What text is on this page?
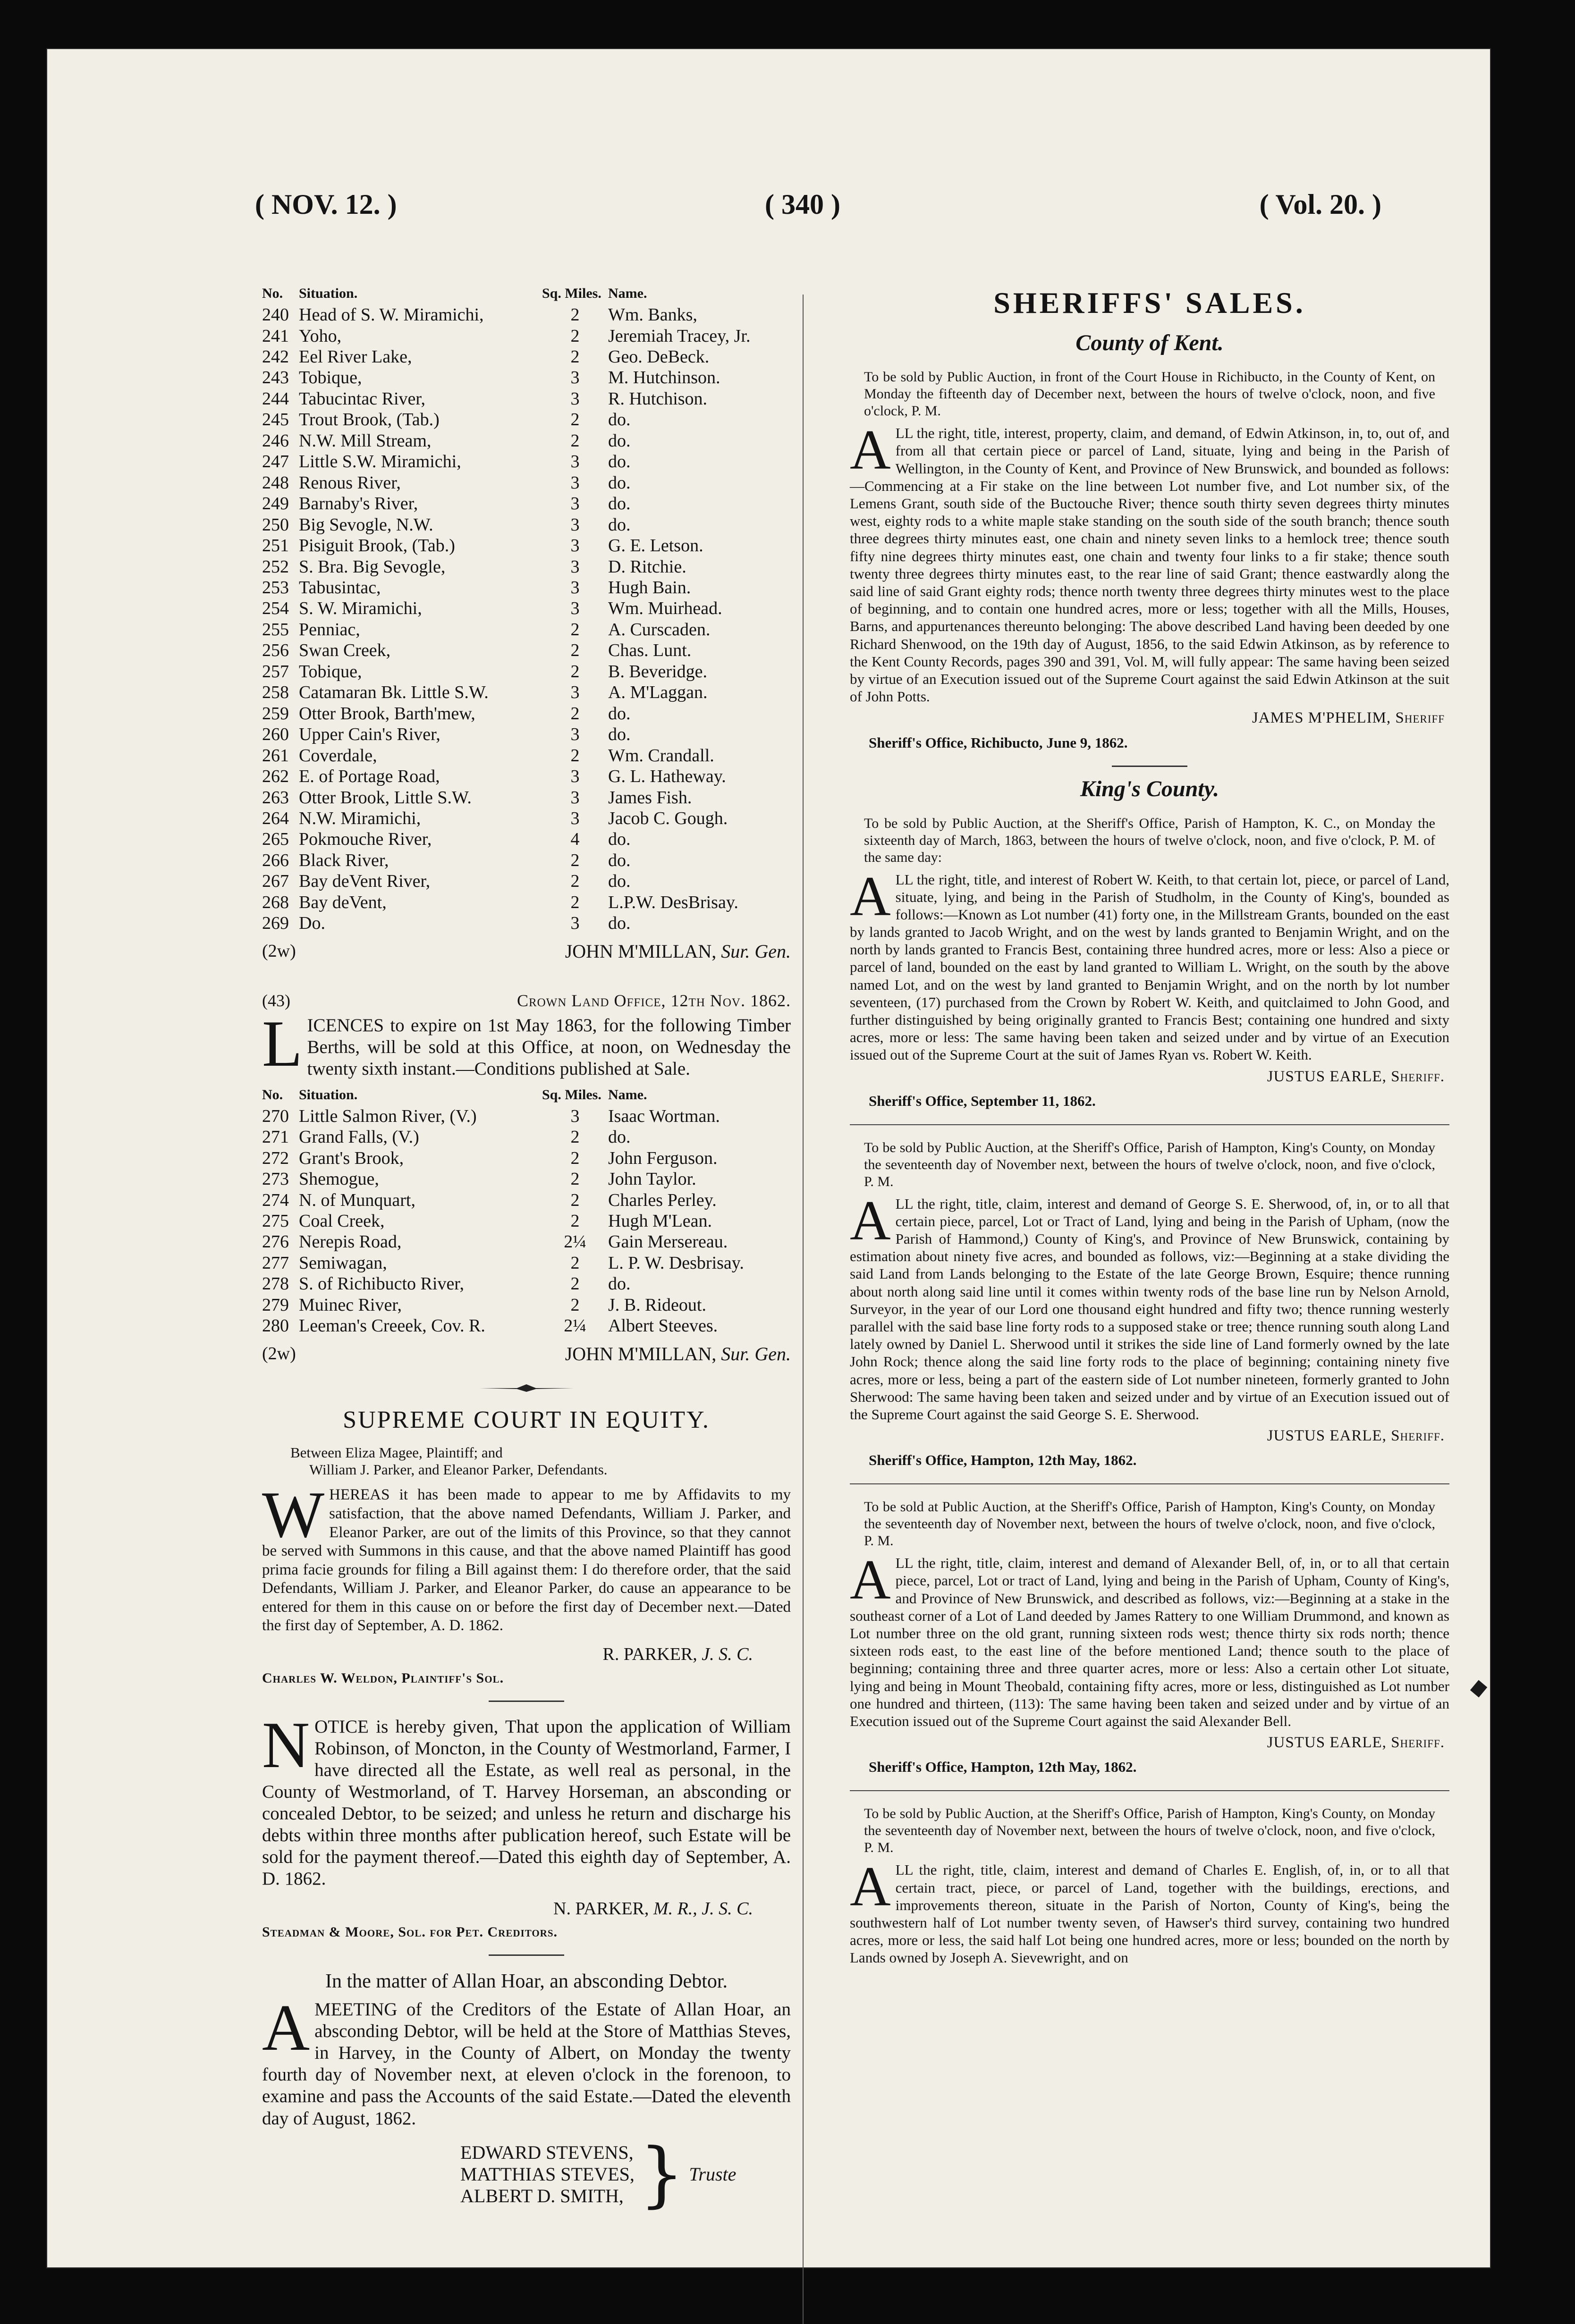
( NOV. 12. )	( 340 )	( Vol. 20. )
No.	Situation.	Sq. Miles.	Name.
240	Head of S. W. Miramichi,	2	Wm. Banks,
241	Yoho,	2	Jeremiah Tracey, Jr.
242	Eel River Lake,	2	Geo. DeBeck.
243	Tobique,	3	M. Hutchinson.
244	Tabucintac River,	3	R. Hutchison.
245	Trout Brook, (Tab.)	2	do.
246	N.W. Mill Stream,	2	do.
247	Little S.W. Miramichi,	3	do.
248	Renous River,	3	do.
249	Barnaby's River,	3	do.
250	Big Sevogle, N.W.	3	do.
251	Pisiguit Brook, (Tab.)	3	G. E. Letson.
252	S. Bra. Big Sevogle,	3	D. Ritchie.
253	Tabusintac,	3	Hugh Bain.
254	S. W. Miramichi,	3	Wm. Muirhead.
255	Penniac,	2	A. Curscaden.
256	Swan Creek,	2	Chas. Lunt.
257	Tobique,	2	B. Beveridge.
258	Catamaran Bk. Little S.W.	3	A. M'Laggan.
259	Otter Brook, Barth'mew,	2	do.
260	Upper Cain's River,	3	do.
261	Coverdale,	2	Wm. Crandall.
262	E. of Portage Road,	3	G. L. Hatheway.
263	Otter Brook, Little S.W.	3	James Fish.
264	N.W. Miramichi,	3	Jacob C. Gough.
265	Pokmouche River,	4	do.
266	Black River,	2	do.
267	Bay deVent River,	2	do.
268	Bay deVent,	2	L.P.W. DesBrisay.
269	Do.	3	do.
(2w)	JOHN M'MILLAN, Sur. Gen.
(43)	Crown Land Office, 12th Nov. 1862.
LICENCES to expire on 1st May 1863, for the following Timber Berths, will be sold at this Office, at noon, on Wednesday the twenty sixth instant.—Conditions published at Sale.
No.	Situation.	Sq. Miles.	Name.
270	Little Salmon River, (V.)	3	Isaac Wortman.
271	Grand Falls, (V.)	2	do.
272	Grant's Brook,	2	John Ferguson.
273	Shemogue,	2	John Taylor.
274	N. of Munquart,	2	Charles Perley.
275	Coal Creek,	2	Hugh M'Lean.
276	Nerepis Road,	2¼	Gain Mersereau.
277	Semiwagan,	2	L. P. W. Desbrisay.
278	S. of Richibucto River,	2	do.
279	Muinec River,	2	J. B. Rideout.
280	Leeman's Creeek, Cov. R.	2¼	Albert Steeves.
(2w)	JOHN M'MILLAN, Sur. Gen.
SUPREME COURT IN EQUITY.
Between Eliza Magee, Plaintiff; and
William J. Parker, and Eleanor Parker, Defendants.
WHEREAS it has been made to appear to me by Affidavits to my satisfaction, that the above named Defendants, William J. Parker, and Eleanor Parker, are out of the limits of this Province, so that they cannot be served with Summons in this cause, and that the above named Plaintiff has good prima facie grounds for filing a Bill against them: I do therefore order, that the said Defendants, William J. Parker, and Eleanor Parker, do cause an appearance to be entered for them in this cause on or before the first day of December next.—Dated the first day of September, A. D. 1862.
R. PARKER, J. S. C.
Charles W. Weldon, Plaintiff's Sol.
NOTICE is hereby given, That upon the application of William Robinson, of Moncton, in the County of Westmorland, Farmer, I have directed all the Estate, as well real as personal, in the County of Westmorland, of T. Harvey Horseman, an absconding or concealed Debtor, to be seized; and unless he return and discharge his debts within three months after publication hereof, such Estate will be sold for the payment thereof.—Dated this eighth day of September, A. D. 1862.
N. PARKER, M. R., J. S. C.
Steadman & Moore, Sol. for Pet. Creditors.
In the matter of Allan Hoar, an absconding Debtor.
AMEETING of the Creditors of the Estate of Allan Hoar, an absconding Debtor, will be held at the Store of Matthias Steves, in Harvey, in the County of Albert, on Monday the twenty fourth day of November next, at eleven o'clock in the forenoon, to examine and pass the Accounts of the said Estate.—Dated the eleventh day of August, 1862.
EDWARD STEVENS,
MATTHIAS STEVES,
ALBERT D. SMITH, } Truste
SHERIFFS' SALES.
County of Kent.
To be sold by Public Auction, in front of the Court House in Richibucto, in the County of Kent, on Monday the fifteenth day of December next, between the hours of twelve o'clock, noon, and five o'clock, P. M.
ALL the right, title, interest, property, claim, and demand, of Edwin Atkinson, in, to, out of, and from all that certain piece or parcel of Land, situate, lying and being in the Parish of Wellington, in the County of Kent, and Province of New Brunswick, and bounded as follows:—Commencing at a Fir stake on the line between Lot number five, and Lot number six, of the Lemens Grant, south side of the Buctouche River; thence south thirty seven degrees thirty minutes west, eighty rods to a white maple stake standing on the south side of the south branch; thence south three degrees thirty minutes east, one chain and ninety seven links to a hemlock tree; thence south fifty nine degrees thirty minutes east, one chain and twenty four links to a fir stake; thence south twenty three degrees thirty minutes east, to the rear line of said Grant; thence eastwardly along the said line of said Grant eighty rods; thence north twenty three degrees thirty minutes west to the place of beginning, and to contain one hundred acres, more or less; together with all the Mills, Houses, Barns, and appurtenances thereunto belonging: The above described Land having been deeded by one Richard Shenwood, on the 19th day of August, 1856, to the said Edwin Atkinson, as by reference to the Kent County Records, pages 390 and 391, Vol. M, will fully appear: The same having been seized by virtue of an Execution issued out of the Supreme Court against the said Edwin Atkinson at the suit of John Potts.
JAMES M'PHELIM, Sheriff
Sheriff's Office, Richibucto, June 9, 1862.
King's County.
To be sold by Public Auction, at the Sheriff's Office, Parish of Hampton, K. C., on Monday the sixteenth day of March, 1863, between the hours of twelve o'clock, noon, and five o'clock, P. M. of the same day:
ALL the right, title, and interest of Robert W. Keith, to that certain lot, piece, or parcel of Land, situate, lying, and being in the Parish of Studholm, in the County of King's, bounded as follows:—Known as Lot number (41) forty one, in the Millstream Grants, bounded on the east by lands granted to Jacob Wright, and on the west by lands granted to Benjamin Wright, and on the north by lands granted to Francis Best, containing three hundred acres, more or less: Also a piece or parcel of land, bounded on the east by land granted to William L. Wright, on the south by the above named Lot, and on the west by land granted to Benjamin Wright, and on the north by lot number seventeen, (17) purchased from the Crown by Robert W. Keith, and quitclaimed to John Good, and further distinguished by being originally granted to Francis Best; containing one hundred and sixty acres, more or less: The same having been taken and seized under and by virtue of an Execution issued out of the Supreme Court at the suit of James Ryan vs. Robert W. Keith.
JUSTUS EARLE, Sheriff.
Sheriff's Office, September 11, 1862.
To be sold by Public Auction, at the Sheriff's Office, Parish of Hampton, King's County, on Monday the seventeenth day of November next, between the hours of twelve o'clock, noon, and five o'clock, P. M.
ALL the right, title, claim, interest and demand of George S. E. Sherwood, of, in, or to all that certain piece, parcel, Lot or Tract of Land, lying and being in the Parish of Upham, (now the Parish of Hammond,) County of King's, and Province of New Brunswick, containing by estimation about ninety five acres, and bounded as follows, viz:—Beginning at a stake dividing the said Land from Lands belonging to the Estate of the late George Brown, Esquire; thence running about north along said line until it comes within twenty rods of the base line run by Nelson Arnold, Surveyor, in the year of our Lord one thousand eight hundred and fifty two; thence running westerly parallel with the said base line forty rods to a supposed stake or tree; thence running south along Land lately owned by Daniel L. Sherwood until it strikes the side line of Land formerly owned by the late John Rock; thence along the said line forty rods to the place of beginning; containing ninety five acres, more or less, being a part of the eastern side of Lot number nineteen, formerly granted to John Sherwood: The same having been taken and seized under and by virtue of an Execution issued out of the Supreme Court against the said George S. E. Sherwood.
JUSTUS EARLE, Sheriff.
Sheriff's Office, Hampton, 12th May, 1862.
To be sold at Public Auction, at the Sheriff's Office, Parish of Hampton, King's County, on Monday the seventeenth day of November next, between the hours of twelve o'clock, noon, and five o'clock, P. M.
ALL the right, title, claim, interest and demand of Alexander Bell, of, in, or to all that certain piece, parcel, Lot or tract of Land, lying and being in the Parish of Upham, County of King's, and Province of New Brunswick, and described as follows, viz:—Beginning at a stake in the southeast corner of a Lot of Land deeded by James Rattery to one William Drummond, and known as Lot number three on the old grant, running sixteen rods west; thence thirty six rods north; thence sixteen rods east, to the east line of the before mentioned Land; thence south to the place of beginning; containing three and three quarter acres, more or less: Also a certain other Lot situate, lying and being in Mount Theobald, containing fifty acres, more or less, distinguished as Lot number one hundred and thirteen, (113): The same having been taken and seized under and by virtue of an Execution issued out of the Supreme Court against the said Alexander Bell.
JUSTUS EARLE, Sheriff.
Sheriff's Office, Hampton, 12th May, 1862.
To be sold by Public Auction, at the Sheriff's Office, Parish of Hampton, King's County, on Monday the seventeenth day of November next, between the hours of twelve o'clock, noon, and five o'clock, P. M.
ALL the right, title, claim, interest and demand of Charles E. English, of, in, or to all that certain tract, piece, or parcel of Land, together with the buildings, erections, and improvements thereon, situate in the Parish of Norton, County of King's, being the southwestern half of Lot number twenty seven, of Hawser's third survey, containing two hundred acres, more or less, the said half Lot being one hundred acres, more or less; bounded on the north by Lands owned by Joseph A. Sievewright, and on
